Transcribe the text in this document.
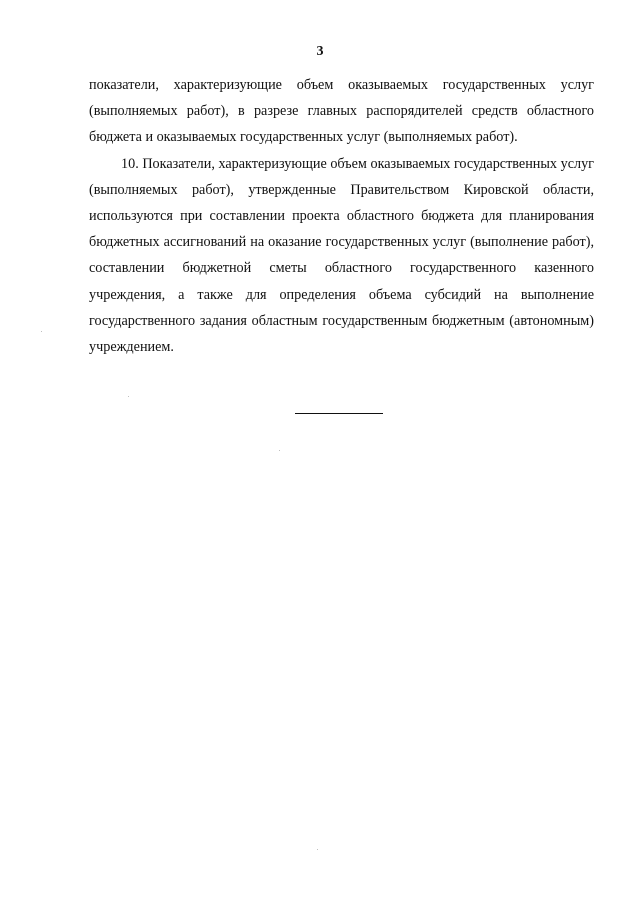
3

показатели, характеризующие объем оказываемых государственных услуг (выполняемых работ), в разрезе главных распорядителей средств областного бюджета и оказываемых государственных услуг (выполняемых работ).

10. Показатели, характеризующие объем оказываемых государственных услуг (выполняемых работ), утвержденные Правительством Кировской области, используются при составлении проекта областного бюджета для планирования бюджетных ассигнований на оказание государственных услуг (выполнение работ), составлении бюджетной сметы областного государственного казенного учреждения, а также для определения объема субсидий на выполнение государственного задания областным государственным бюджетным (автономным) учреждением.
